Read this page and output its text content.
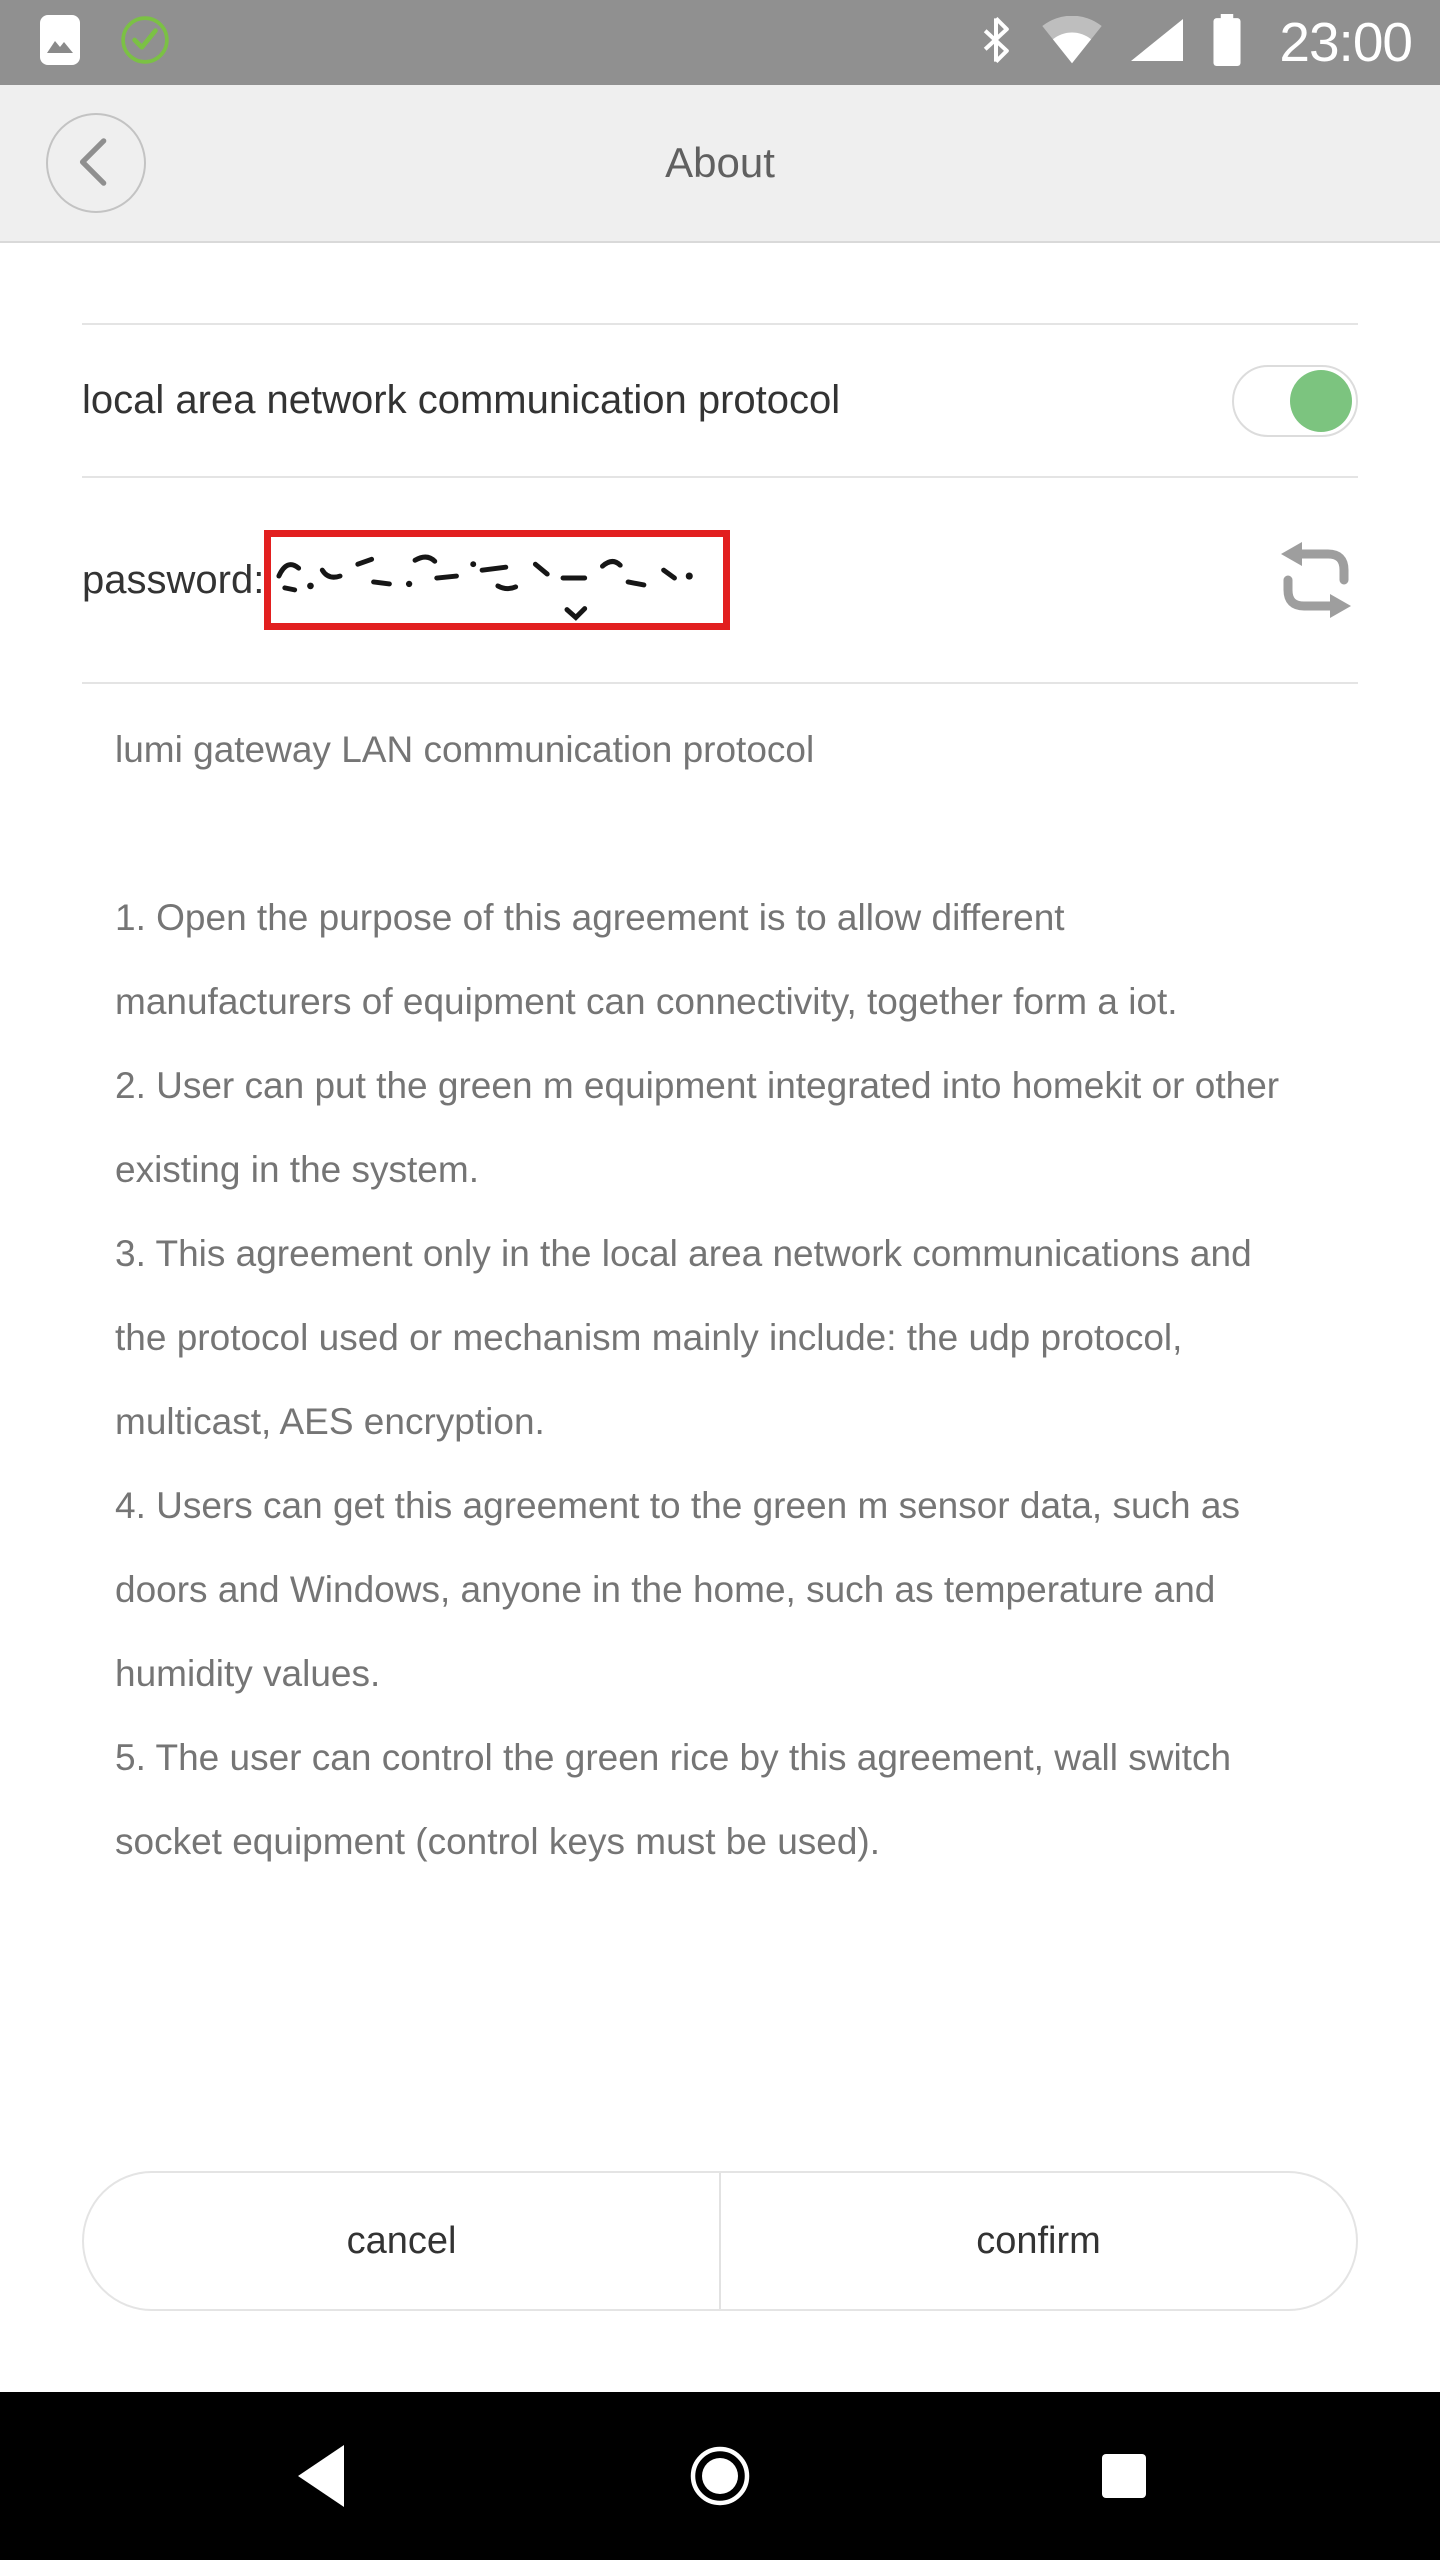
23:00
About
local area network communication protocol
password:

lumi gateway LAN communication protocol

1. Open the purpose of this agreement is to allow different manufacturers of equipment can connectivity, together form a iot.

2. User can put the green m equipment integrated into homekit or other existing in the system.

3. This agreement only in the local area network communications and the protocol used or mechanism mainly include: the udp protocol, multicast, AES encryption.

4. Users can get this agreement to the green m sensor data, such as doors and Windows, anyone in the home, such as temperature and humidity values.

5. The user can control the green rice by this agreement, wall switch socket equipment (control keys must be used).

cancel	confirm
